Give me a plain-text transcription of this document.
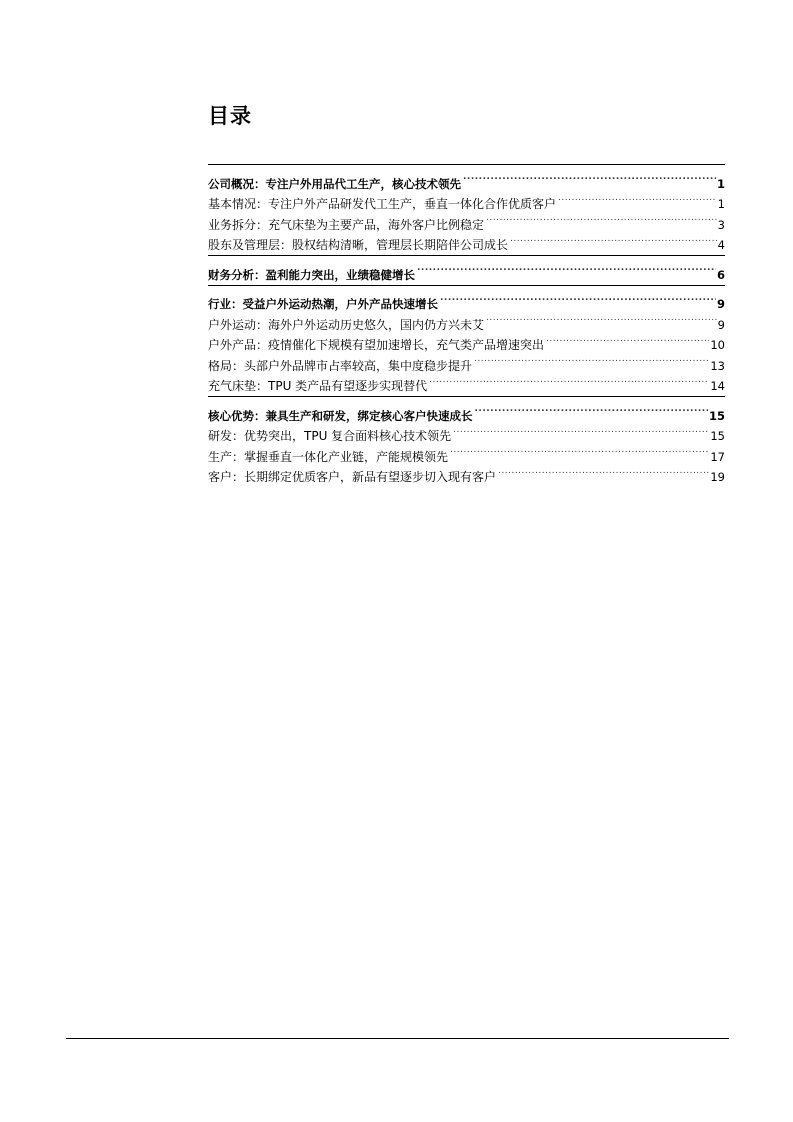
目录
公司概况：专注户外用品代工生产，核心技术领先 .....	1
基本情况：专注户外产品研发代工生产，垂直一体化合作优质客户 .....	1
业务拆分：充气床垫为主要产品，海外客户比例稳定 .....	3
股东及管理层：股权结构清晰，管理层长期陪伴公司成长 .....	4
财务分析：盈利能力突出，业绩稳健增长 .....	6
行业：受益户外运动热潮，户外产品快速增长 .....	9
户外运动：海外户外运动历史悠久，国内仍方兴未艾 .....	9
户外产品：疫情催化下规模有望加速增长，充气类产品增速突出 .....	10
格局：头部户外品牌市占率较高，集中度稳步提升 .....	13
充气床垫：TPU 类产品有望逐步实现替代 .....	14
核心优势：兼具生产和研发，绑定核心客户快速成长 .....	15
研发：优势突出，TPU 复合面料核心技术领先 .....	15
生产：掌握垂直一体化产业链，产能规模领先 .....	17
客户：长期绑定优质客户，新品有望逐步切入现有客户 .....	19
